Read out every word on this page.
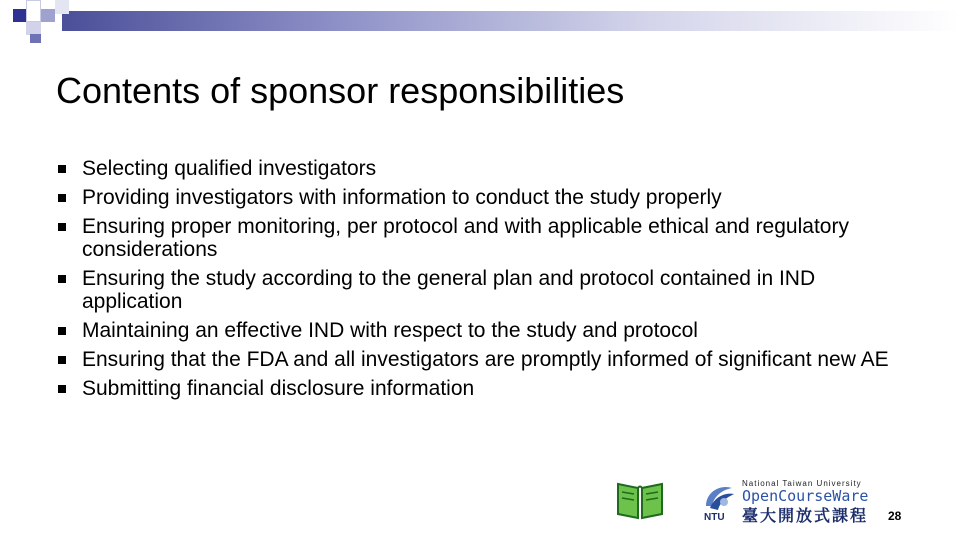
Contents of sponsor responsibilities
Selecting qualified investigators
Providing investigators with information to conduct the study properly
Ensuring proper monitoring, per protocol and with applicable ethical and regulatory considerations
Ensuring the study according to the general plan and protocol contained in IND application
Maintaining an effective IND with respect to the study and protocol
Ensuring that the FDA and all investigators are promptly informed of significant new AE
Submitting financial disclosure information
NTU
National Taiwan University
OpenCourseWare
臺大開放式課程 28
